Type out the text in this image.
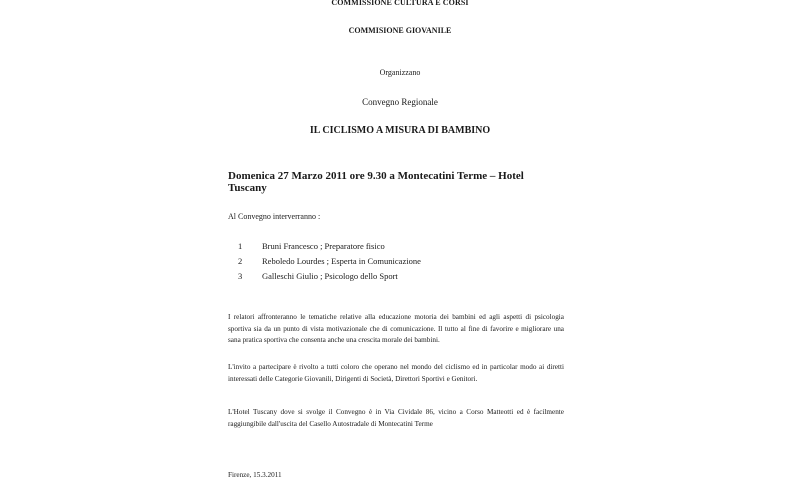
COMMISSIONE CULTURA E CORSI
COMMISIONE GIOVANILE
Organizzano
Convegno Regionale
IL CICLISMO A MISURA DI BAMBINO
Domenica 27 Marzo 2011 ore 9.30 a Montecatini Terme – Hotel
Tuscany
Al Convegno interverranno :
1	Bruni Francesco ; Preparatore fisico
2	Reboledo Lourdes ; Esperta in Comunicazione
3	Galleschi Giulio ; Psicologo dello Sport
I relatori affronteranno le tematiche relative alla educazione motoria dei bambini ed agli aspetti di psicologia sportiva sia da un punto di vista motivazionale che di comunicazione. Il tutto al fine di favorire e migliorare una sana pratica sportiva che consenta anche una crescita morale dei bambini.
L'invito a partecipare è rivolto a tutti coloro che operano nel mondo del ciclismo ed in particolar modo ai diretti interessati delle Categorie Giovanili, Dirigenti di Società, Direttori Sportivi e Genitori.
L'Hotel Tuscany dove si svolge il Convegno è in Via Cividale 86, vicino a Corso Matteotti ed è facilmente raggiungibile dall'uscita del Casello Autostradale di Montecatini Terme
Firenze, 15.3.2011
